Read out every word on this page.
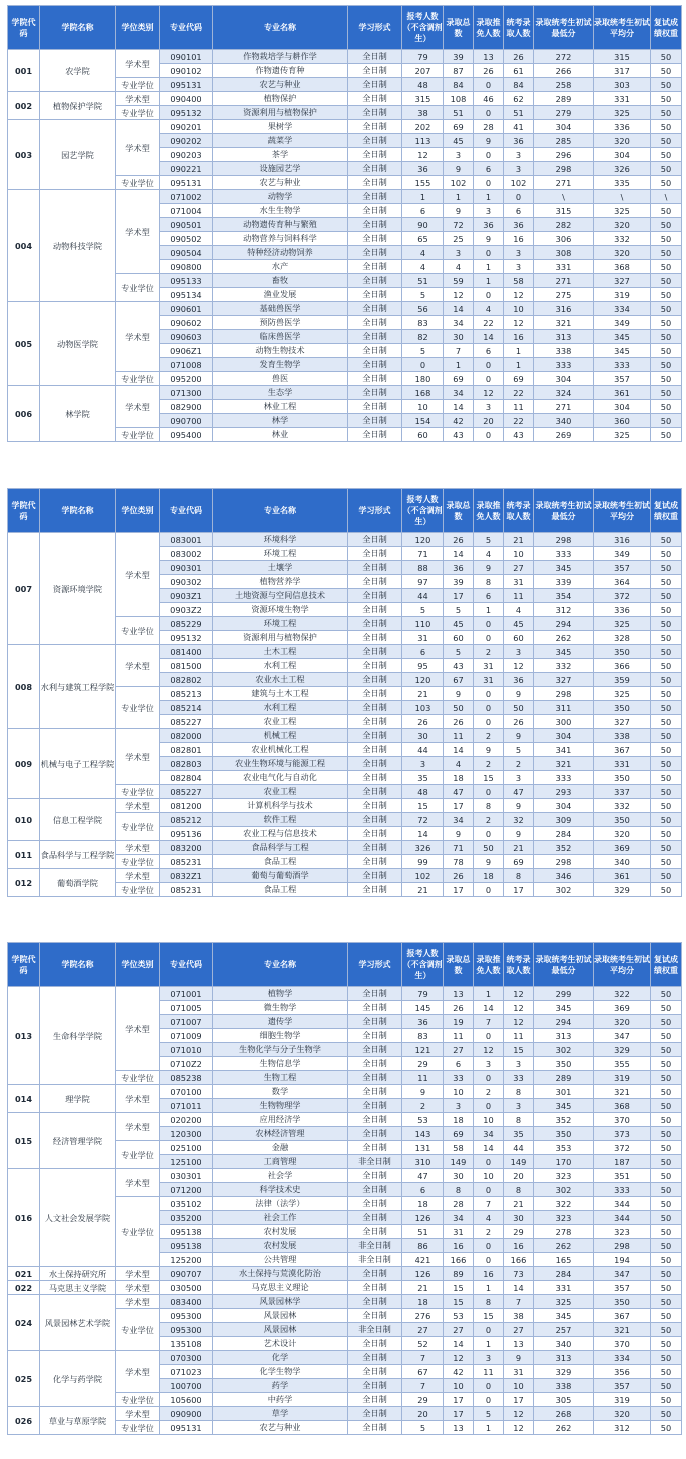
学院代码	学院名称	学位类别	专业代码	专业名称	学习形式	报考人数（不含调剂生）	录取总数	录取推免人数	统考录取人数	录取统考生初试最低分	录取统考生初试平均分	复试成绩权重
001	农学院	学术型	090101	作物栽培学与耕作学	全日制	79	39	13	26	272	315	50
			090102	作物遗传育种	全日制	207	87	26	61	266	317	50
		专业学位	095131	农艺与种业	全日制	48	84	0	84	258	303	50
002	植物保护学院	学术型	090400	植物保护	全日制	315	108	46	62	289	331	50
		专业学位	095132	资源利用与植物保护	全日制	38	51	0	51	279	325	50
003	园艺学院	学术型	090201	果树学	全日制	202	69	28	41	304	336	50
			090202	蔬菜学	全日制	113	45	9	36	285	320	50
			090203	茶学	全日制	12	3	0	3	296	304	50
			090221	设施园艺学	全日制	36	9	6	3	298	326	50
		专业学位	095131	农艺与种业	全日制	155	102	0	102	271	335	50
004	动物科技学院	学术型	071002	动物学	全日制	1	1	1	0	\	\	\
			071004	水生生物学	全日制	6	9	3	6	315	325	50
			090501	动物遗传育种与繁殖	全日制	90	72	36	36	282	320	50
			090502	动物营养与饲料科学	全日制	65	25	9	16	306	332	50
			090504	特种经济动物饲养	全日制	4	3	0	3	308	320	50
			090800	水产	全日制	4	4	1	3	331	368	50
		专业学位	095133	畜牧	全日制	51	59	1	58	271	327	50
			095134	渔业发展	全日制	5	12	0	12	275	319	50
005	动物医学院	学术型	090601	基础兽医学	全日制	56	14	4	10	316	334	50
			090602	预防兽医学	全日制	83	34	22	12	321	349	50
			090603	临床兽医学	全日制	82	30	14	16	313	345	50
			0906Z1	动物生物技术	全日制	5	7	6	1	338	345	50
			071008	发育生物学	全日制	0	1	0	1	333	333	50
		专业学位	095200	兽医	全日制	180	69	0	69	304	357	50
006	林学院	学术型	071300	生态学	全日制	168	34	12	22	324	361	50
			082900	林业工程	全日制	10	14	3	11	271	304	50
			090700	林学	全日制	154	42	20	22	340	360	50
		专业学位	095400	林业	全日制	60	43	0	43	269	325	50
学院代码	学院名称	学位类别	专业代码	专业名称	学习形式	报考人数（不含调剂生）	录取总数	录取推免人数	统考录取人数	录取统考生初试最低分	录取统考生初试平均分	复试成绩权重
007	资源环境学院	学术型	083001	环境科学	全日制	120	26	5	21	298	316	50
			083002	环境工程	全日制	71	14	4	10	333	349	50
			090301	土壤学	全日制	88	36	9	27	345	357	50
			090302	植物营养学	全日制	97	39	8	31	339	364	50
			0903Z1	土地资源与空间信息技术	全日制	44	17	6	11	354	372	50
			0903Z2	资源环境生物学	全日制	5	5	1	4	312	336	50
		专业学位	085229	环境工程	全日制	110	45	0	45	294	325	50
			095132	资源利用与植物保护	全日制	31	60	0	60	262	328	50
008	水利与建筑工程学院	学术型	081400	土木工程	全日制	6	5	2	3	345	350	50
			081500	水利工程	全日制	95	43	31	12	332	366	50
			082802	农业水土工程	全日制	120	67	31	36	327	359	50
		专业学位	085213	建筑与土木工程	全日制	21	9	0	9	298	325	50
			085214	水利工程	全日制	103	50	0	50	311	350	50
			085227	农业工程	全日制	26	26	0	26	300	327	50
009	机械与电子工程学院	学术型	082000	机械工程	全日制	30	11	2	9	304	338	50
			082801	农业机械化工程	全日制	44	14	9	5	341	367	50
			082803	农业生物环境与能源工程	全日制	3	4	2	2	321	331	50
			082804	农业电气化与自动化	全日制	35	18	15	3	333	350	50
		专业学位	085227	农业工程	全日制	48	47	0	47	293	337	50
010	信息工程学院	学术型	081200	计算机科学与技术	全日制	15	17	8	9	304	332	50
		专业学位	085212	软件工程	全日制	72	34	2	32	309	350	50
			095136	农业工程与信息技术	全日制	14	9	0	9	284	320	50
011	食品科学与工程学院	学术型	083200	食品科学与工程	全日制	326	71	50	21	352	369	50
		专业学位	085231	食品工程	全日制	99	78	9	69	298	340	50
012	葡萄酒学院	学术型	0832Z1	葡萄与葡萄酒学	全日制	102	26	18	8	346	361	50
		专业学位	085231	食品工程	全日制	21	17	0	17	302	329	50
学院代码	学院名称	学位类别	专业代码	专业名称	学习形式	报考人数（不含调剂生）	录取总数	录取推免人数	统考录取人数	录取统考生初试最低分	录取统考生初试平均分	复试成绩权重
013	生命科学学院	学术型	071001	植物学	全日制	79	13	1	12	299	322	50
			071005	微生物学	全日制	145	26	14	12	345	369	50
			071007	遗传学	全日制	36	19	7	12	294	320	50
			071009	细胞生物学	全日制	83	11	0	11	313	347	50
			071010	生物化学与分子生物学	全日制	121	27	12	15	302	329	50
			0710Z2	生物信息学	全日制	29	6	3	3	350	355	50
		专业学位	085238	生物工程	全日制	11	33	0	33	289	319	50
014	理学院	学术型	070100	数学	全日制	9	10	2	8	301	321	50
			071011	生物物理学	全日制	2	3	0	3	345	368	50
015	经济管理学院	学术型	020200	应用经济学	全日制	53	18	10	8	352	370	50
			120300	农林经济管理	全日制	143	69	34	35	350	373	50
		专业学位	025100	金融	全日制	131	58	14	44	353	372	50
			125100	工商管理	非全日制	310	149	0	149	170	187	50
016	人文社会发展学院	学术型	030301	社会学	全日制	47	30	10	20	323	351	50
			071200	科学技术史	全日制	6	8	0	8	302	333	50
		专业学位	035102	法律（法学）	全日制	18	28	7	21	322	344	50
			035200	社会工作	全日制	126	34	4	30	323	344	50
			095138	农村发展	全日制	51	31	2	29	278	323	50
			095138	农村发展	非全日制	86	16	0	16	262	298	50
			125200	公共管理	非全日制	421	166	0	166	165	194	50
021	水土保持研究所	学术型	090707	水土保持与荒漠化防治	全日制	126	89	16	73	284	347	50
022	马克思主义学院	学术型	030500	马克思主义理论	全日制	21	15	1	14	331	357	50
024	风景园林艺术学院	学术型	083400	风景园林学	全日制	18	15	8	7	325	350	50
		专业学位	095300	风景园林	全日制	276	53	15	38	345	367	50
			095300	风景园林	非全日制	27	27	0	27	257	321	50
			135108	艺术设计	全日制	52	14	1	13	340	370	50
025	化学与药学院	学术型	070300	化学	全日制	7	12	3	9	313	334	50
			071023	化学生物学	全日制	67	42	11	31	329	356	50
			100700	药学	全日制	7	10	0	10	338	357	50
		专业学位	105600	中药学	全日制	29	17	0	17	305	319	50
026	草业与草原学院	学术型	090900	草学	全日制	20	17	5	12	268	320	50
		专业学位	095131	农艺与种业	全日制	5	13	1	12	262	312	50
